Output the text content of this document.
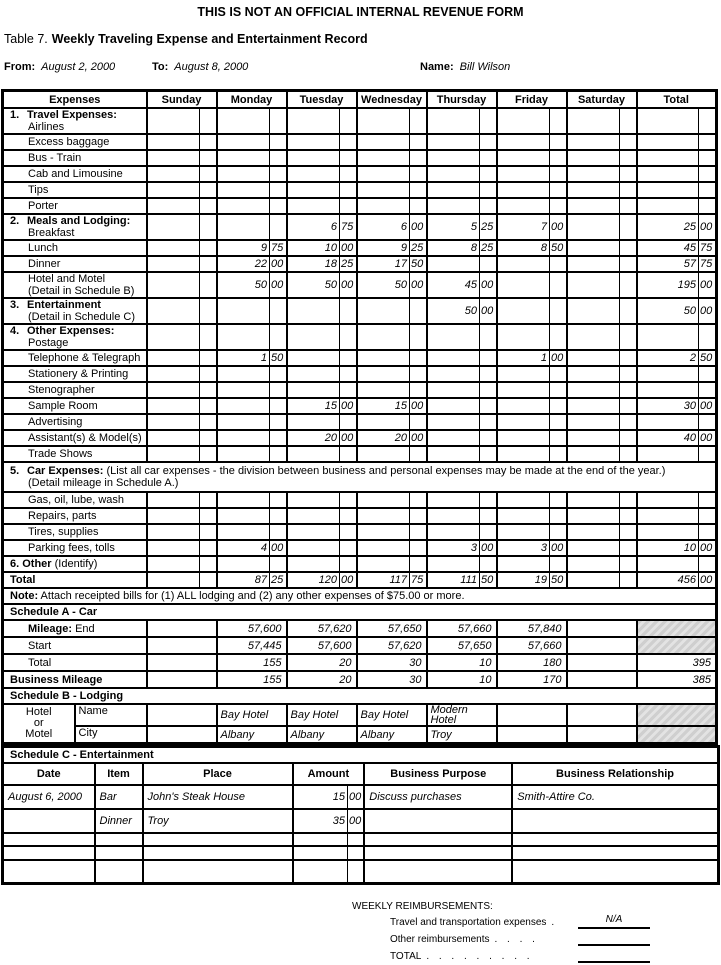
THIS IS NOT AN OFFICIAL INTERNAL REVENUE FORM
Table 7. Weekly Traveling Expense and Entertainment Record
From: August 2, 2000	To: August 8, 2000	Name: Bill Wilson
Expenses		Sunday		Monday		Tuesday		Wednesday		Thursday		Friday		Saturday		Total	

1. Travel Expenses:
Airlines																	

Excess baggage																	
Bus - Train																	
Cab and Limousine																	
Tips																	
Porter																	

2. Meals and Lodging:
Breakfast						6	75	6	00	5	25	7	00			25	00
Lunch				9	75	10	00	9	25	8	25	8	50			45	75
Dinner				22	00	18	25	17	50							57	75

Hotel and Motel
(Detail in Schedule B)				50	00	50	00	50	00	45	00					195	00

3. Entertainment
(Detail in Schedule C)										50	00					50	00

4. Other Expenses:
Postage																	

Telephone & Telegraph				1	50							1	00			2	50
Stationery & Printing																	
Stenographer																	
Sample Room						15	00	15	00							30	00
Advertising																	
Assistant(s) & Model(s)						20	00	20	00							40	00
Trade Shows																	

5. Car Expenses: (List all car expenses - the division between business and personal expenses may be made at the end of the year.)
(Detail mileage in Schedule A.)																	

Gas, oil, lube, wash																	
Repairs, parts																	
Tires, supplies																	
Parking fees, tolls				4	00					3	00	3	00			10	00
6. Other (Identify)																	
Total				87	25	120	00	117	75	111	50	19	50			456	00

Note: Attach receipted bills for (1) ALL lodging and (2) any other expenses of $75.00 or more.																	

Schedule A - Car																	
Mileage: End				57,600		57,620		57,650		57,660		57,840					
Start				57,445		57,600		57,620		57,650		57,660					
Total				155		20		30		10		180				395	
Business Mileage				155		20		30		10		170				385	
Schedule B - Lodging																	

Hotel
or
Motel	Name			Bay Hotel		Bay Hotel		Bay Hotel		Modern Hotel							
	City			Albany		Albany		Albany		Troy							
Schedule C - Entertainment						
Date	Item	Place	Amount		Business Purpose	Business Relationship
August 6, 2000	Bar	John's Steak House	15	00	Discuss purchases	Smith-Attire Co.
	Dinner	Troy	35	00		

WEEKLY REIMBURSEMENTS:
Travel and transportation expenses .	N/A
Other reimbursements . . . .
TOTAL . . . . . . . . .
